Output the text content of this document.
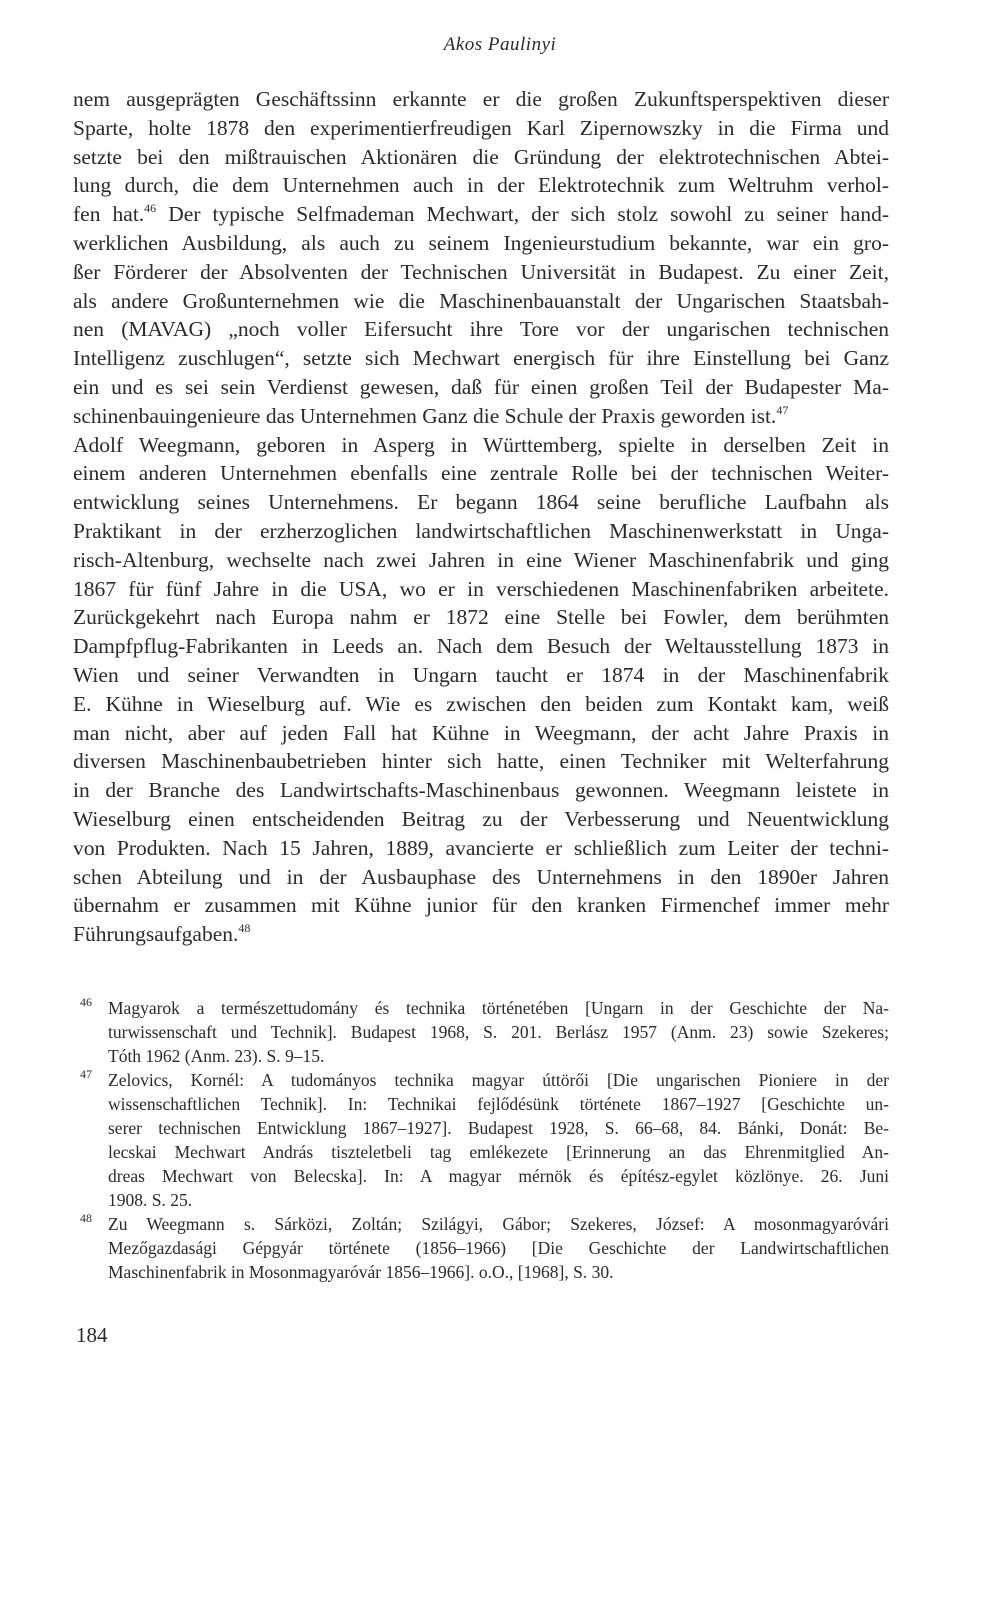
Akos Paulinyi
nem ausgeprägten Geschäftssinn erkannte er die großen Zukunftsperspektiven dieser
Sparte, holte 1878 den experimentierfreudigen Karl Zipernowszky in die Firma und
setzte bei den mißtrauischen Aktionären die Gründung der elektrotechnischen Abtei-
lung durch, die dem Unternehmen auch in der Elektrotechnik zum Weltruhm verhol-
fen hat.$^{46}$ Der typische Selfmademan Mechwart, der sich stolz sowohl zu seiner hand-
werklichen Ausbildung, als auch zu seinem Ingenieurstudium bekannte, war ein gro-
ßer Förderer der Absolventen der Technischen Universität in Budapest. Zu einer Zeit,
als andere Großunternehmen wie die Maschinenbauanstalt der Ungarischen Staatsbah-
nen (MAVAG) „noch voller Eifersucht ihre Tore vor der ungarischen technischen
Intelligenz zuschlugen“, setzte sich Mechwart energisch für ihre Einstellung bei Ganz
ein und es sei sein Verdienst gewesen, daß für einen großen Teil der Budapester Ma-
schinenbauingenieure das Unternehmen Ganz die Schule der Praxis geworden ist.$^{47}$
Adolf Weegmann, geboren in Asperg in Württemberg, spielte in derselben Zeit in
einem anderen Unternehmen ebenfalls eine zentrale Rolle bei der technischen Weiter-
entwicklung seines Unternehmens. Er begann 1864 seine berufliche Laufbahn als
Praktikant in der erzherzoglichen landwirtschaftlichen Maschinenwerkstatt in Unga-
risch-Altenburg, wechselte nach zwei Jahren in eine Wiener Maschinenfabrik und ging
1867 für fünf Jahre in die USA, wo er in verschiedenen Maschinenfabriken arbeitete.
Zurückgekehrt nach Europa nahm er 1872 eine Stelle bei Fowler, dem berühmten
Dampfpflug-Fabrikanten in Leeds an. Nach dem Besuch der Weltausstellung 1873 in
Wien und seiner Verwandten in Ungarn taucht er 1874 in der Maschinenfabrik
E. Kühne in Wieselburg auf. Wie es zwischen den beiden zum Kontakt kam, weiß
man nicht, aber auf jeden Fall hat Kühne in Weegmann, der acht Jahre Praxis in
diversen Maschinenbaubetrieben hinter sich hatte, einen Techniker mit Welterfahrung
in der Branche des Landwirtschafts-Maschinenbaus gewonnen. Weegmann leistete in
Wieselburg einen entscheidenden Beitrag zu der Verbesserung und Neuentwicklung
von Produkten. Nach 15 Jahren, 1889, avancierte er schließlich zum Leiter der techni-
schen Abteilung und in der Ausbauphase des Unternehmens in den 1890er Jahren
übernahm er zusammen mit Kühne junior für den kranken Firmenchef immer mehr
Führungsaufgaben.$^{48}$
46 Magyarok a természettudomány és technika történetében [Ungarn in der Geschichte der Na-
turwissenschaft und Technik]. Budapest 1968, S. 201. Berlász 1957 (Anm. 23) sowie Szekeres;
Tóth 1962 (Anm. 23). S. 9–15.
47 Zelovics, Kornél: A tudományos technika magyar úttörői [Die ungarischen Pioniere in der
wissenschaftlichen Technik]. In: Technikai fejlődésünk története 1867–1927 [Geschichte un-
serer technischen Entwicklung 1867–1927]. Budapest 1928, S. 66–68, 84. Bánki, Donát: Be-
lecskai Mechwart András tiszteletbeli tag emlékezete [Erinnerung an das Ehrenmitglied An-
dreas Mechwart von Belecska]. In: A magyar mérnök és építész-egylet közlönye. 26. Juni
1908. S. 25.
48 Zu Weegmann s. Sárközi, Zoltán; Szilágyi, Gábor; Szekeres, József: A mosonmagyaróvári
Mezőgazdasági Gépgyár története (1856–1966) [Die Geschichte der Landwirtschaftlichen
Maschinenfabrik in Mosonmagyaróvár 1856–1966]. o.O., [1968], S. 30.
184
